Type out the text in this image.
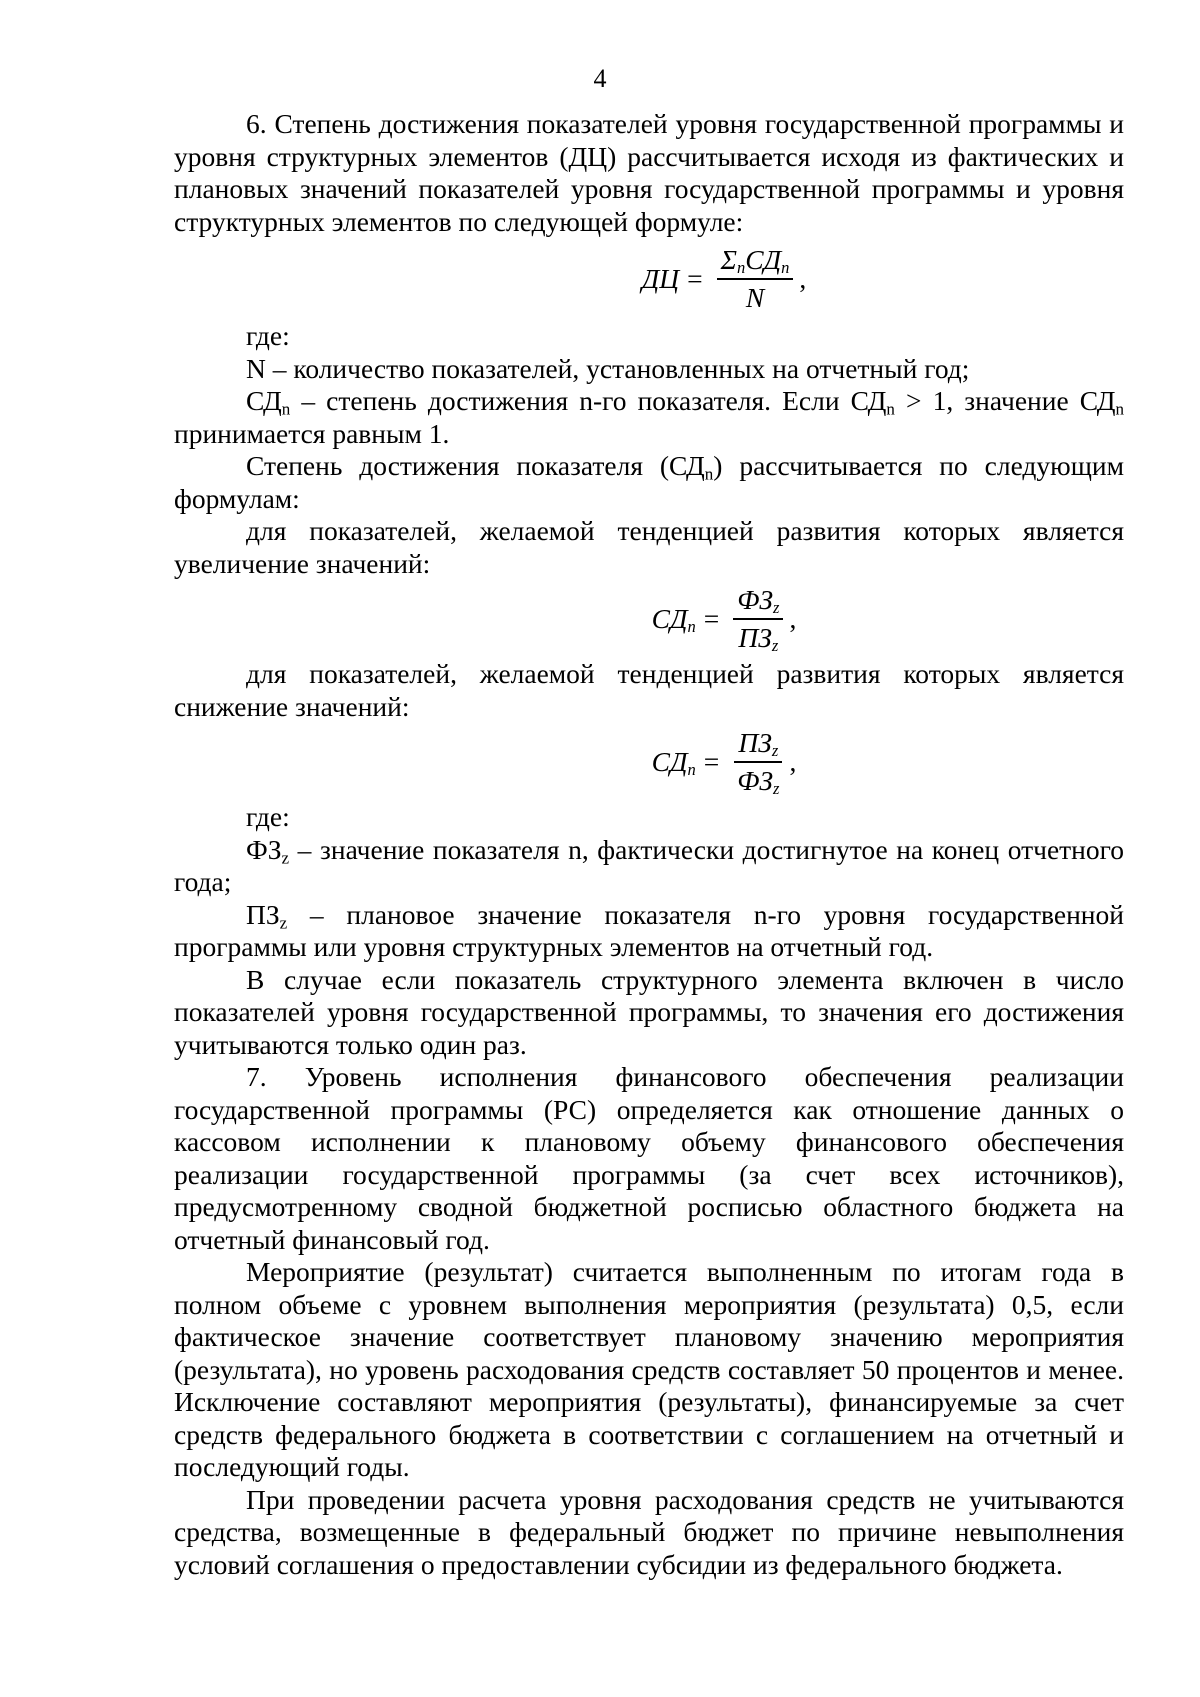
4

6. Степень достижения показателей уровня государственной программы и уровня структурных элементов (ДЦ) рассчитывается исходя из фактических и плановых значений показателей уровня государственной программы и уровня структурных элементов по следующей формуле:

ДЦ = $\frac{\Sigma_nСД_n}{N}$ ,

где:

N – количество показателей, установленных на отчетный год;

$СД_n$ – степень достижения n-го показателя. Если $СД_n > 1$, значение $СД_n$ принимается равным 1.

Степень достижения показателя $(СД_n)$ рассчитывается по следующим формулам:

для показателей, желаемой тенденцией развития которых является увеличение значений:

$СД_n = \frac{ФЗ_z}{ПЗ_z}$ ,

для показателей, желаемой тенденцией развития которых является снижение значений:

$СД_n = \frac{ПЗ_z}{ФЗ_z}$ ,

где:

$ФЗ_z$ – значение показателя n, фактически достигнутое на конец отчетного года;

$ПЗ_z$ – плановое значение показателя n-го уровня государственной программы или уровня структурных элементов на отчетный год.

В случае если показатель структурного элемента включен в число показателей уровня государственной программы, то значения его достижения учитываются только один раз.

7. Уровень исполнения финансового обеспечения реализации государственной программы (РС) определяется как отношение данных о кассовом исполнении к плановому объему финансового обеспечения реализации государственной программы (за счет всех источников), предусмотренному сводной бюджетной росписью областного бюджета на отчетный финансовый год.

Мероприятие (результат) считается выполненным по итогам года в полном объеме с уровнем выполнения мероприятия (результата) 0,5, если фактическое значение соответствует плановому значению мероприятия (результата), но уровень расходования средств составляет 50 процентов и менее. Исключение составляют мероприятия (результаты), финансируемые за счет средств федерального бюджета в соответствии с соглашением на отчетный и последующий годы.

При проведении расчета уровня расходования средств не учитываются средства, возмещенные в федеральный бюджет по причине невыполнения условий соглашения о предоставлении субсидии из федерального бюджета.
